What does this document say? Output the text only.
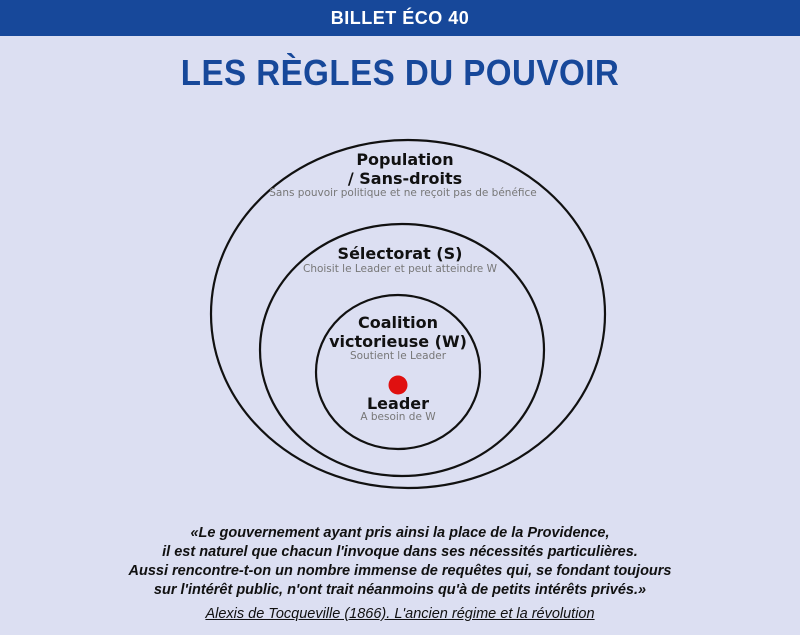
BILLET ÉCO 40
LES RÈGLES DU POUVOIR
Population
/ Sans-droits
Sans pouvoir politique et ne reçoit pas de bénéfice
Sélectorat (S)
Choisit le Leader et peut atteindre W
Coalition
victorieuse (W)
Soutient le Leader
Leader
A besoin de W
«Le gouvernement ayant pris ainsi la place de la Providence,
il est naturel que chacun l'invoque dans ses nécessités particulières.
Aussi rencontre-t-on un nombre immense de requêtes qui, se fondant toujours
sur l'intérêt public, n'ont trait néanmoins qu'à de petits intérêts privés.»
Alexis de Tocqueville (1866). L'ancien régime et la révolution
